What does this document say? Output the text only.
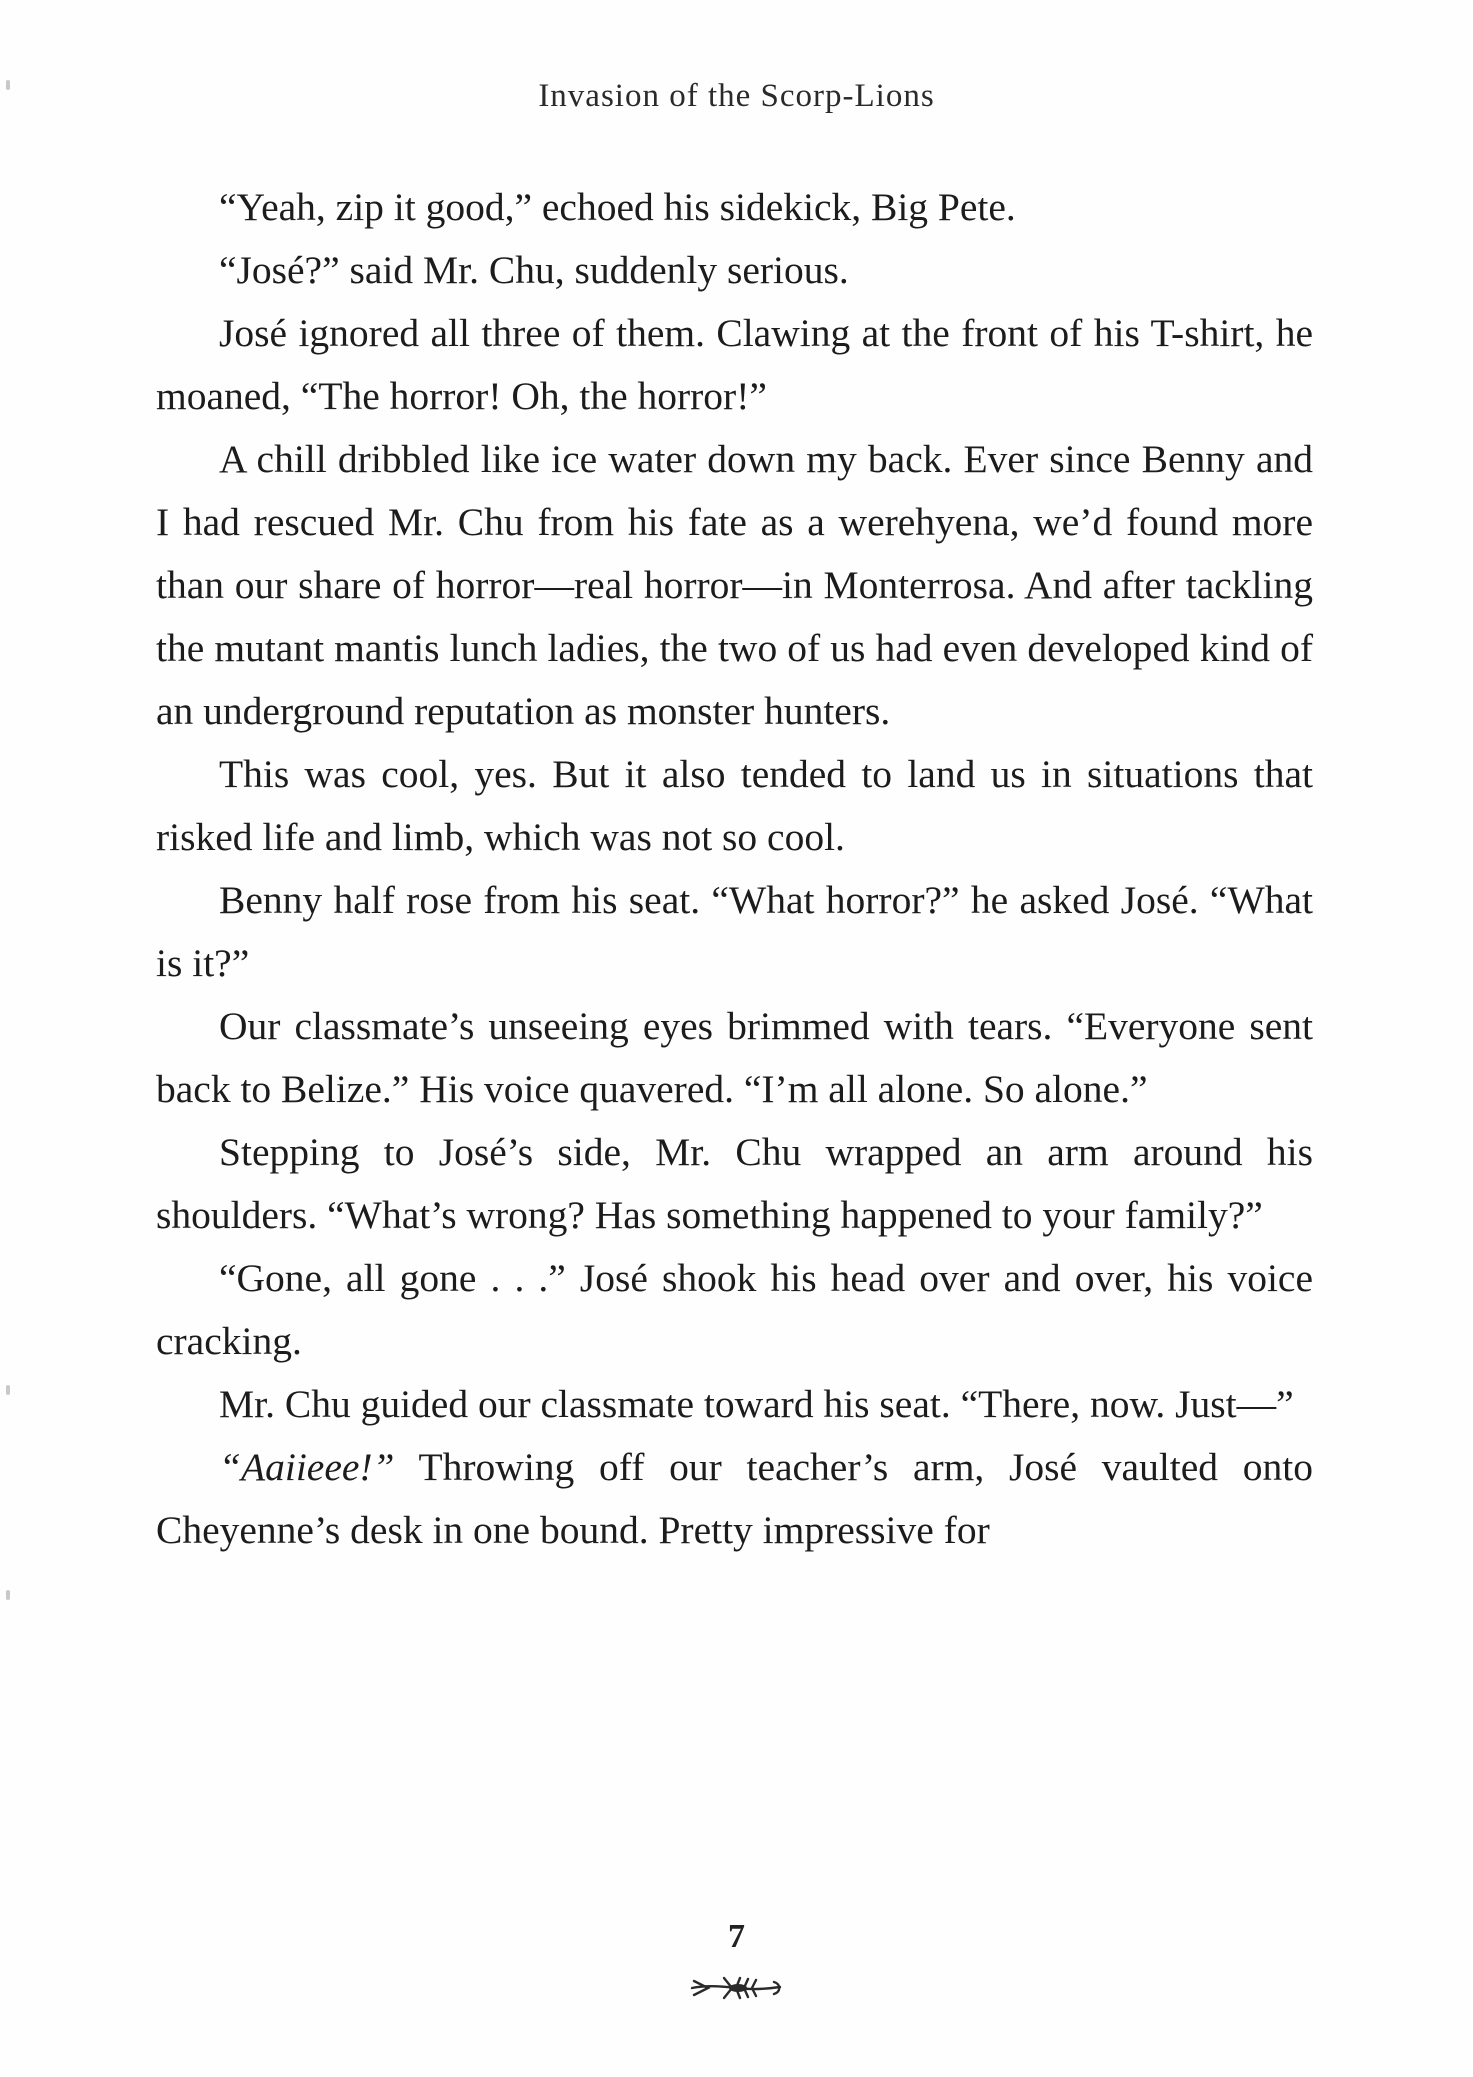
Invasion of the Scorp-Lions

“Yeah, zip it good,” echoed his sidekick, Big Pete.

“José?” said Mr. Chu, suddenly serious.

José ignored all three of them. Clawing at the front of his T-shirt, he moaned, “The horror! Oh, the horror!”

A chill dribbled like ice water down my back. Ever since Benny and I had rescued Mr. Chu from his fate as a werehyena, we’d found more than our share of horror—real horror—in Monterrosa. And after tackling the mutant mantis lunch ladies, the two of us had even developed kind of an underground reputation as monster hunters.

This was cool, yes. But it also tended to land us in situations that risked life and limb, which was not so cool.

Benny half rose from his seat. “What horror?” he asked José. “What is it?”

Our classmate’s unseeing eyes brimmed with tears. “Everyone sent back to Belize.” His voice quavered. “I’m all alone. So alone.”

Stepping to José’s side, Mr. Chu wrapped an arm around his shoulders. “What’s wrong? Has something happened to your family?”

“Gone, all gone . . .” José shook his head over and over, his voice cracking.

Mr. Chu guided our classmate toward his seat. “There, now. Just—”

“Aaiieee!” Throwing off our teacher’s arm, José vaulted onto Cheyenne’s desk in one bound. Pretty impressive for

7
